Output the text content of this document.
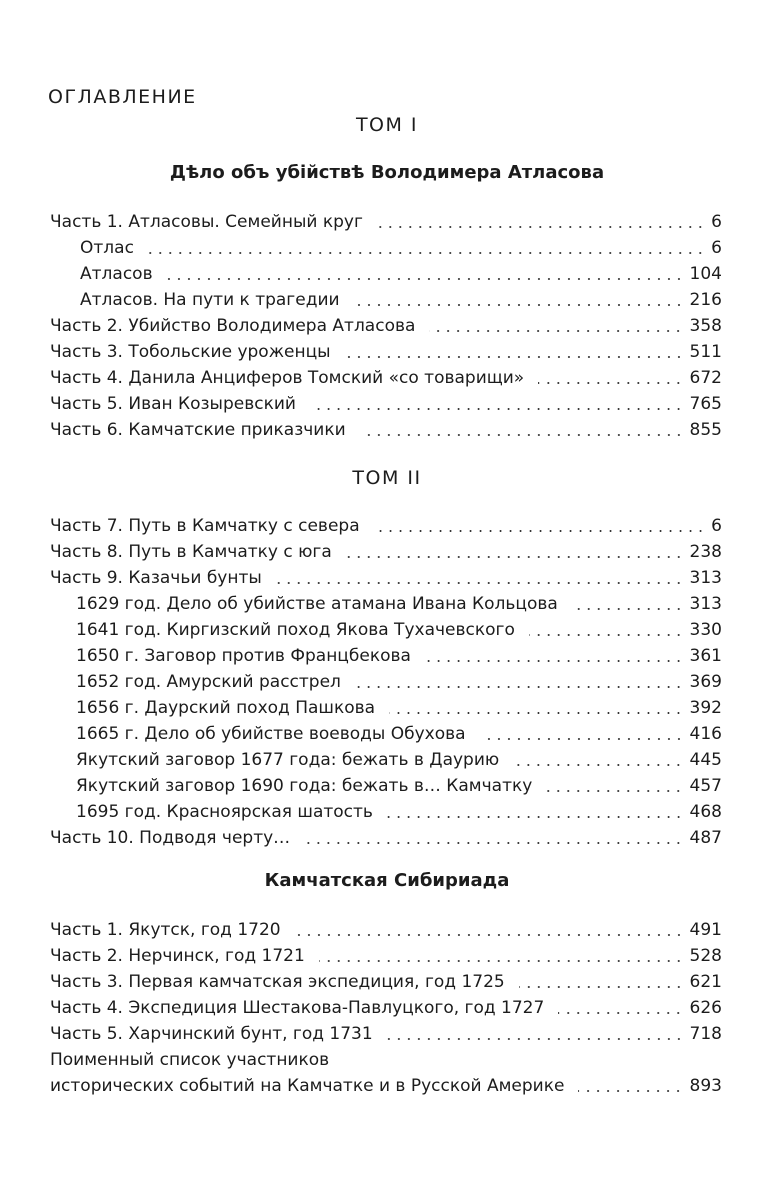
ОГЛАВЛЕНИЕ
ТОМ I
Дѣло объ убiйствѣ Володимера Атласова
Часть 1. Атласовы. Семейный круг	6
Отлас	6
Атласов	104
Атласов. На пути к трагедии	216
Часть 2. Убийство Володимера Атласова	358
Часть 3. Тобольские уроженцы	511
Часть 4. Данила Анциферов Томский «со товарищи»	672
Часть 5. Иван Козыревский	765
Часть 6. Камчатские приказчики	855
ТОМ II
Часть 7. Путь в Камчатку с севера	6
Часть 8. Путь в Камчатку с юга	238
Часть 9. Казачьи бунты	313
1629 год. Дело об убийстве атамана Ивана Кольцова	313
1641 год. Киргизский поход Якова Тухачевского	330
1650 г. Заговор против Францбекова	361
1652 год. Амурский расстрел	369
1656 г. Даурский поход Пашкова	392
1665 г. Дело об убийстве воеводы Обухова	416
Якутский заговор 1677 года: бежать в Даурию	445
Якутский заговор 1690 года: бежать в… Камчатку	457
1695 год. Красноярская шатость	468
Часть 10. Подводя черту…	487
Камчатская Сибириада
Часть 1. Якутск, год 1720	491
Часть 2. Нерчинск, год 1721	528
Часть 3. Первая камчатская экспедиция, год 1725	621
Часть 4. Экспедиция Шестакова-Павлуцкого, год 1727	626
Часть 5. Харчинский бунт, год 1731	718
Поименный список участников
исторических событий на Камчатке и в Русской Америке	893
